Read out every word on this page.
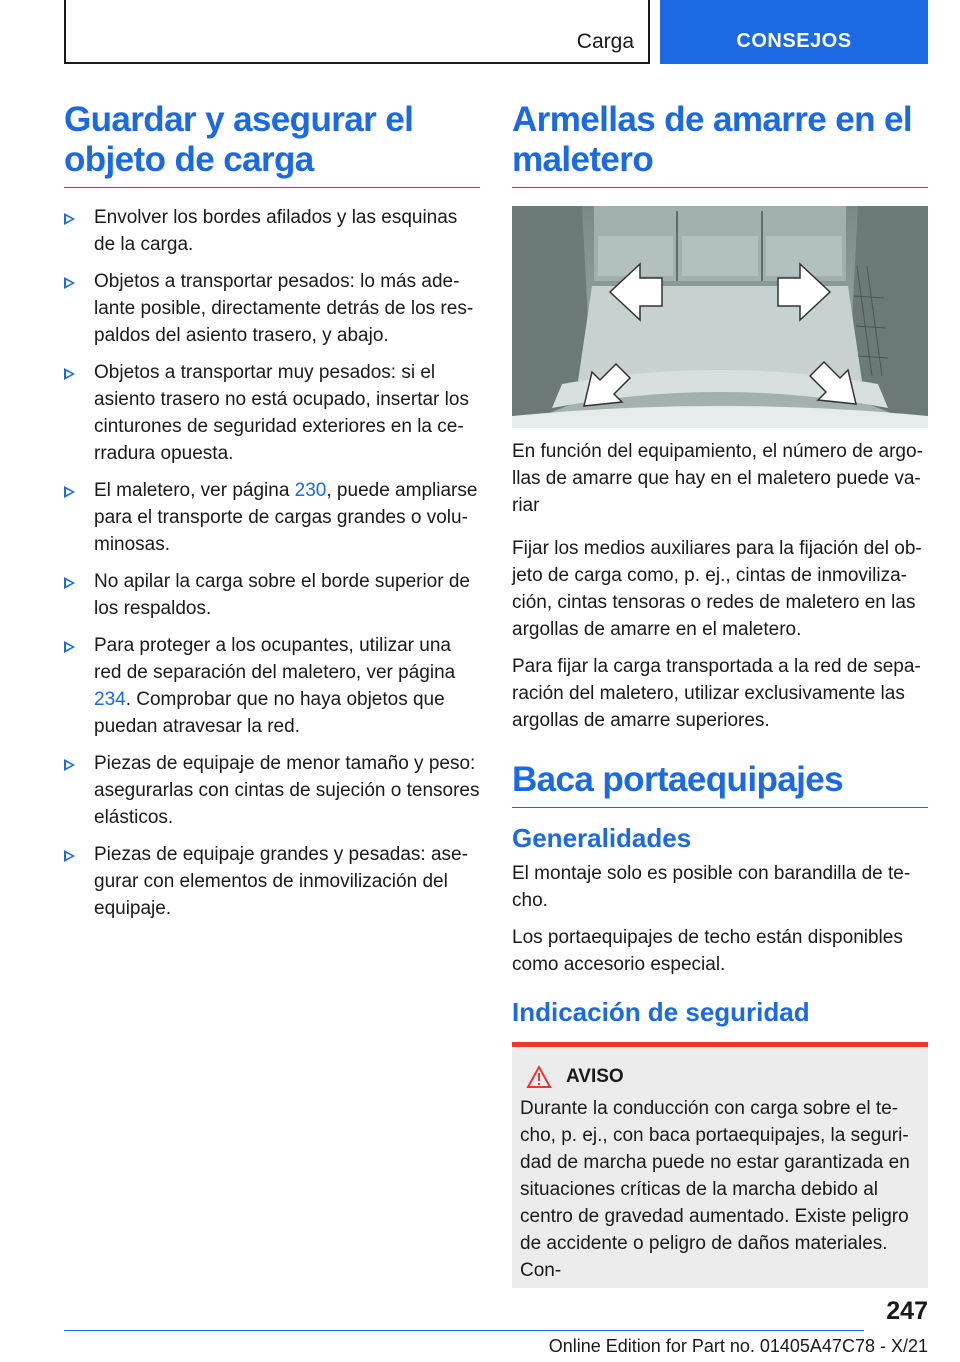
Carga	CONSEJOS
Guardar y asegurar el
objeto de carga
Envolver los bordes afilados y las esquinas de la carga.
Objetos a transportar pesados: lo más adelante posible, directamente detrás de los respaldos del asiento trasero, y abajo.
Objetos a transportar muy pesados: si el asiento trasero no está ocupado, insertar los cinturones de seguridad exteriores en la cerradura opuesta.
El maletero, ver página 230, puede ampliarse para el transporte de cargas grandes o voluminosas.
No apilar la carga sobre el borde superior de los respaldos.
Para proteger a los ocupantes, utilizar una red de separación del maletero, ver página 234. Comprobar que no haya objetos que puedan atravesar la red.
Piezas de equipaje de menor tamaño y peso: asegurarlas con cintas de sujeción o tensores elásticos.
Piezas de equipaje grandes y pesadas: asegurar con elementos de inmovilización del equipaje.
Armellas de amarre en el
maletero

En función del equipamiento, el número de argollas de amarre que hay en el maletero puede variar

Fijar los medios auxiliares para la fijación del objeto de carga como, p. ej., cintas de inmovilización, cintas tensoras o redes de maletero en las argollas de amarre en el maletero.

Para fijar la carga transportada a la red de separación del maletero, utilizar exclusivamente las argollas de amarre superiores.

Baca portaequipajes
Generalidades

El montaje solo es posible con barandilla de techo.

Los portaequipajes de techo están disponibles como accesorio especial.

Indicación de seguridad
AVISO

Durante la conducción con carga sobre el techo, p. ej., con baca portaequipajes, la seguridad de marcha puede no estar garantizada en situaciones críticas de la marcha debido al centro de gravedad aumentado. Existe peligro de accidente o peligro de daños materiales. Con-

247
Online Edition for Part no. 01405A47C78 - X/21
